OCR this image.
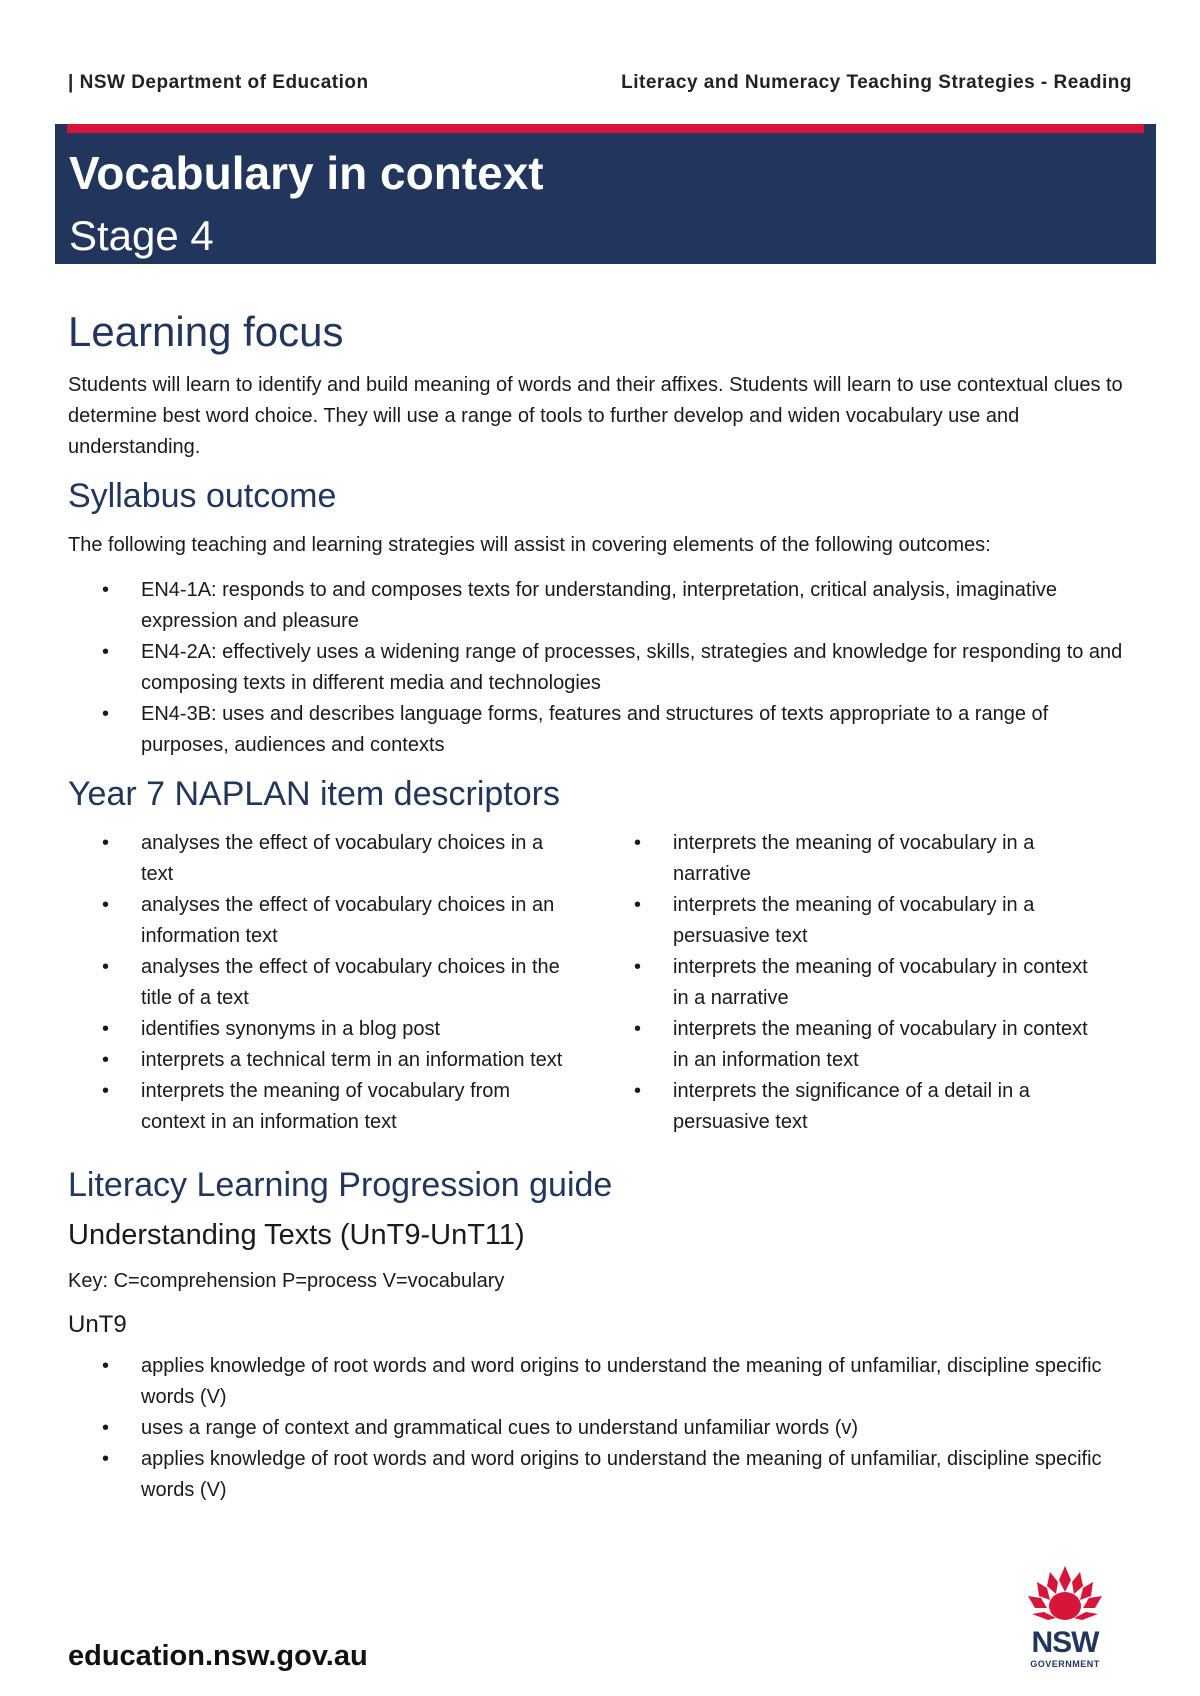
| NSW Department of Education	Literacy and Numeracy Teaching Strategies - Reading
Vocabulary in context
Stage 4
Learning focus

Students will learn to identify and build meaning of words and their affixes. Students will learn to use contextual clues to determine best word choice. They will use a range of tools to further develop and widen vocabulary use and understanding.

Syllabus outcome

The following teaching and learning strategies will assist in covering elements of the following outcomes:

• EN4-1A: responds to and composes texts for understanding, interpretation, critical analysis, imaginative expression and pleasure
• EN4-2A: effectively uses a widening range of processes, skills, strategies and knowledge for responding to and composing texts in different media and technologies
• EN4-3B: uses and describes language forms, features and structures of texts appropriate to a range of purposes, audiences and contexts
Year 7 NAPLAN item descriptors
• analyses the effect of vocabulary choices in a text
• analyses the effect of vocabulary choices in an information text
• analyses the effect of vocabulary choices in the title of a text
• identifies synonyms in a blog post
• interprets a technical term in an information text
• interprets the meaning of vocabulary from context in an information text
• interprets the meaning of vocabulary in a narrative
• interprets the meaning of vocabulary in a persuasive text
• interprets the meaning of vocabulary in context in a narrative
• interprets the meaning of vocabulary in context in an information text
• interprets the significance of a detail in a persuasive text
Literacy Learning Progression guide
Understanding Texts (UnT9-UnT11)

Key: C=comprehension P=process V=vocabulary

UnT9
• applies knowledge of root words and word origins to understand the meaning of unfamiliar, discipline specific words (V)
• uses a range of context and grammatical cues to understand unfamiliar words (v)
• applies knowledge of root words and word origins to understand the meaning of unfamiliar, discipline specific words (V)
education.nsw.gov.au	NSW
GOVERNMENT
